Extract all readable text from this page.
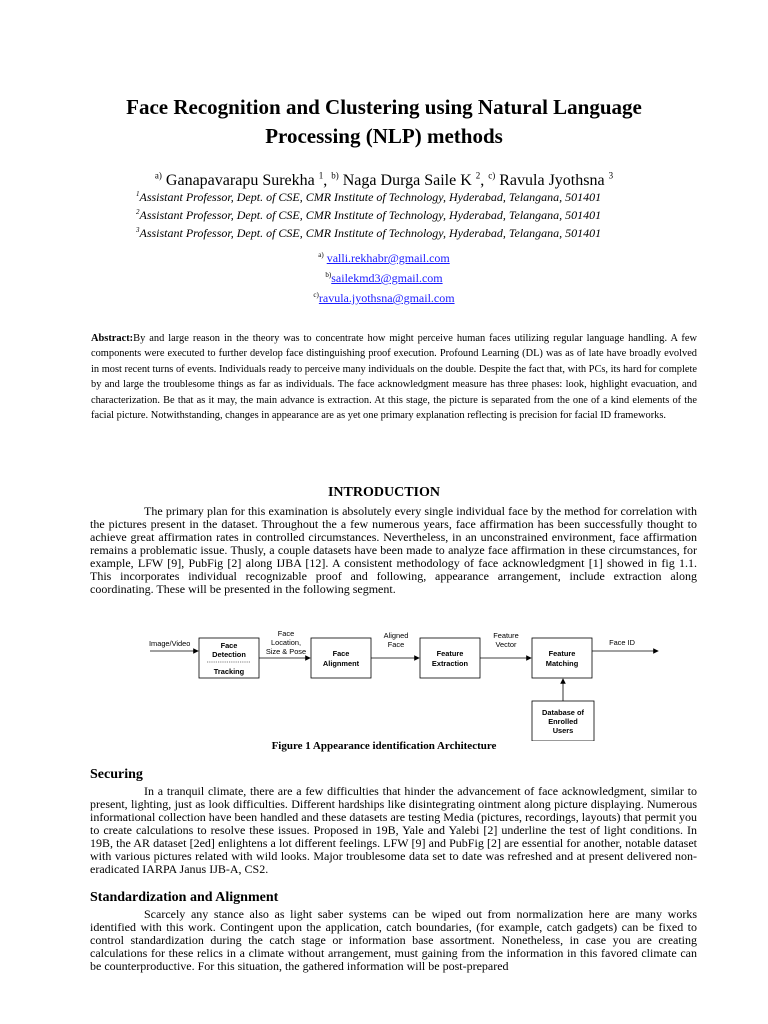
Face Recognition and Clustering using Natural Language Processing (NLP) methods
$^{a)}$ Ganapavarapu Surekha $^1$, $^{b)}$ Naga Durga Saile K $^2$, $^{c)}$ Ravula Jyothsna $^3$
$^1$Assistant Professor, Dept. of CSE, CMR Institute of Technology, Hyderabad, Telangana, 501401
$^2$Assistant Professor, Dept. of CSE, CMR Institute of Technology, Hyderabad, Telangana, 501401
$^3$Assistant Professor, Dept. of CSE, CMR Institute of Technology, Hyderabad, Telangana, 501401
$^{a)}$ valli.rekhabr@gmail.com
$^{b)}$sailekmd3@gmail.com
$^{c)}$ravula.jyothsna@gmail.com
Abstract:By and large reason in the theory was to concentrate how might perceive human faces utilizing regular language handling. A few components were executed to further develop face distinguishing proof execution. Profound Learning (DL) was as of late have broadly evolved in most recent turns of events. Individuals ready to perceive many individuals on the double. Despite the fact that, with PCs, its hard for complete by and large the troublesome things as far as individuals. The face acknowledgment measure has three phases: look, highlight evacuation, and characterization. Be that as it may, the main advance is extraction. At this stage, the picture is separated from the one of a kind elements of the facial picture. Notwithstanding, changes in appearance are as yet one primary explanation reflecting is precision for facial ID frameworks.
INTRODUCTION
The primary plan for this examination is absolutely every single individual face by the method for correlation with the pictures present in the dataset. Throughout the a few numerous years, face affirmation has been successfully thought to achieve great affirmation rates in controlled circumstances. Nevertheless, in an unconstrained environment, face affirmation remains a problematic issue. Thusly, a couple datasets have been made to analyze face affirmation in these circumstances, for example, LFW [9], PubFig [2] along IJBA [12]. A consistent methodology of face acknowledgment [1] showed in fig 1.1. This incorporates individual recognizable proof and following, appearance arrangement, include extraction along coordinating. These will be presented in the following segment.
Image/Video	Face
Detection
Tracking
Face
Location,
Size & Pose	Face
Alignment
Aligned
Face
Feature
Extraction
Feature
Vector
Feature
Matching
Face ID
Database of
Enrolled
Users
Figure 1 Appearance identification Architecture
Securing
In a tranquil climate, there are a few difficulties that hinder the advancement of face acknowledgment, similar to present, lighting, just as look difficulties. Different hardships like disintegrating ointment along picture displaying. Numerous informational collection have been handled and these datasets are testing Media (pictures, recordings, layouts) that permit you to create calculations to resolve these issues. Proposed in 19B, Yale and Yalebi [2] underline the test of light conditions. In 19B, the AR dataset [2ed] enlightens a lot different feelings. LFW [9] and PubFig [2] are essential for another, notable dataset with various pictures related with wild looks. Major troublesome data set to date was refreshed and at present delivered non-eradicated IARPA Janus IJB-A, CS2.
Standardization and Alignment
Scarcely any stance also as light saber systems can be wiped out from normalization here are many works identified with this work. Contingent upon the application, catch boundaries, (for example, catch gadgets) can be fixed to control standardization during the catch stage or information base assortment. Nonetheless, in case you are creating calculations for these relics in a climate without arrangement, must gaining from the information in this favored climate can be counterproductive. For this situation, the gathered information will be post-prepared
